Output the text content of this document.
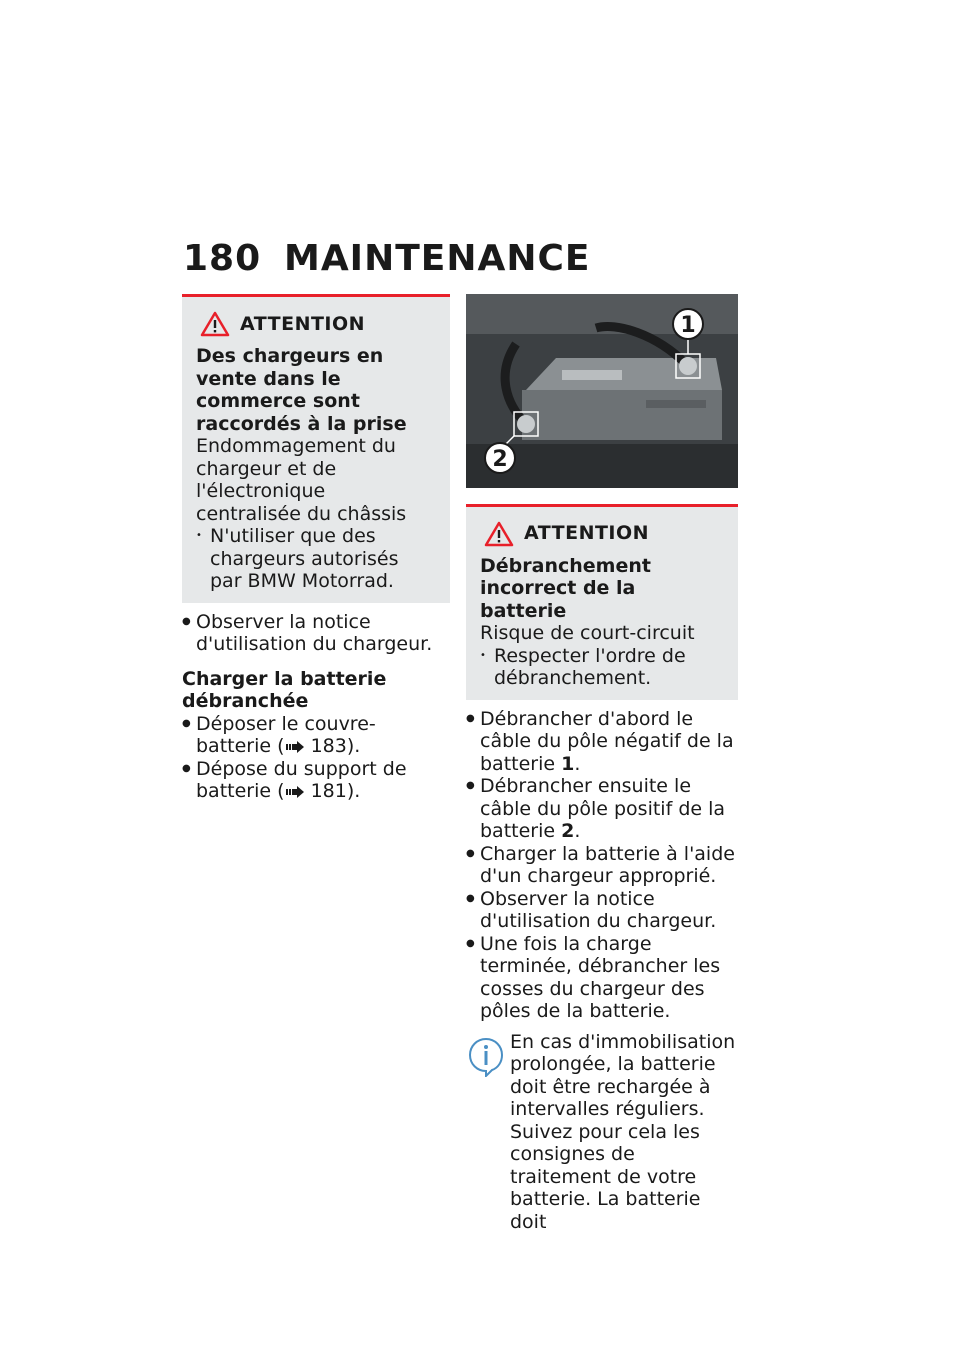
180 MAINTENANCE
ATTENTION

Des chargeurs en vente dans le commerce sont raccordés à la prise

Endommagement du chargeur et de l'électronique centralisée du châssis

• N'utiliser que des chargeurs autorisés par BMW Motorrad.
● Observer la notice d'utilisation du chargeur.
Charger la batterie débranchée
● Déposer le couvre-batterie ( 183).
● Dépose du support de batterie ( 181).
1
2
ATTENTION

Débranchement incorrect de la batterie

Risque de court-circuit

• Respecter l'ordre de débranchement.
● Débrancher d'abord le câble du pôle négatif de la batterie 1.
● Débrancher ensuite le câble du pôle positif de la batterie 2.
● Charger la batterie à l'aide d'un chargeur approprié.
● Observer la notice d'utilisation du chargeur.
● Une fois la charge terminée, débrancher les cosses du chargeur des pôles de la batterie.
En cas d'immobilisation prolongée, la batterie doit être rechargée à intervalles réguliers. Suivez pour cela les consignes de traitement de votre batterie. La batterie doit
